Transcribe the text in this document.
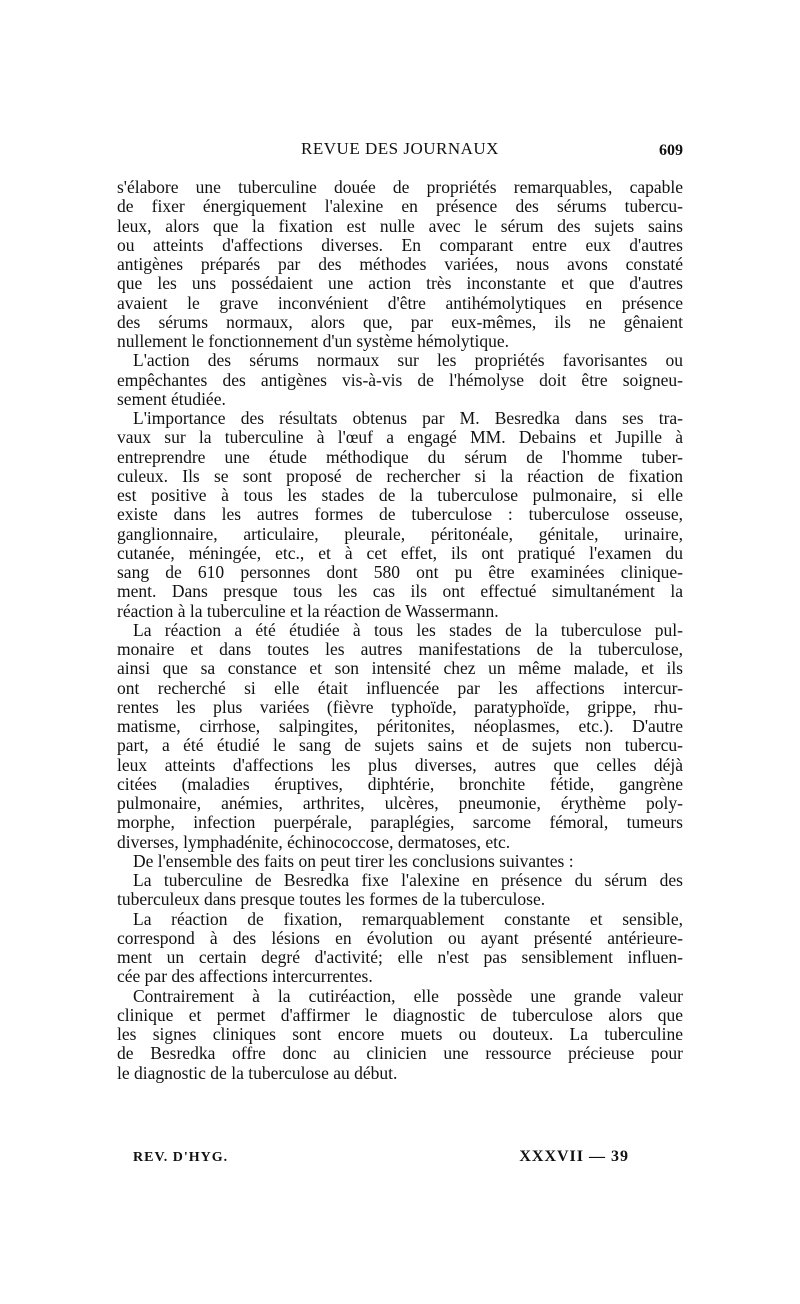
REVUE DES JOURNAUX	609
s'élabore une tuberculine douée de propriétés remarquables, capable
de fixer énergiquement l'alexine en présence des sérums tubercu-
leux, alors que la fixation est nulle avec le sérum des sujets sains
ou atteints d'affections diverses. En comparant entre eux d'autres
antigènes préparés par des méthodes variées, nous avons constaté
que les uns possédaient une action très inconstante et que d'autres
avaient le grave inconvénient d'être antihémolytiques en présence
des sérums normaux, alors que, par eux-mêmes, ils ne gênaient
nullement le fonctionnement d'un système hémolytique.
L'action des sérums normaux sur les propriétés favorisantes ou
empêchantes des antigènes vis-à-vis de l'hémolyse doit être soigneu-
sement étudiée.
L'importance des résultats obtenus par M. Besredka dans ses tra-
vaux sur la tuberculine à l'œuf a engagé MM. Debains et Jupille à
entreprendre une étude méthodique du sérum de l'homme tuber-
culeux. Ils se sont proposé de rechercher si la réaction de fixation
est positive à tous les stades de la tuberculose pulmonaire, si elle
existe dans les autres formes de tuberculose : tuberculose osseuse,
ganglionnaire, articulaire, pleurale, péritonéale, génitale, urinaire,
cutanée, méningée, etc., et à cet effet, ils ont pratiqué l'examen du
sang de 610 personnes dont 580 ont pu être examinées clinique-
ment. Dans presque tous les cas ils ont effectué simultanément la
réaction à la tuberculine et la réaction de Wassermann.
La réaction a été étudiée à tous les stades de la tuberculose pul-
monaire et dans toutes les autres manifestations de la tuberculose,
ainsi que sa constance et son intensité chez un même malade, et ils
ont recherché si elle était influencée par les affections intercur-
rentes les plus variées (fièvre typhoïde, paratyphoïde, grippe, rhu-
matisme, cirrhose, salpingites, péritonites, néoplasmes, etc.). D'autre
part, a été étudié le sang de sujets sains et de sujets non tubercu-
leux atteints d'affections les plus diverses, autres que celles déjà
citées (maladies éruptives, diphtérie, bronchite fétide, gangrène
pulmonaire, anémies, arthrites, ulcères, pneumonie, érythème poly-
morphe, infection puerpérale, paraplégies, sarcome fémoral, tumeurs
diverses, lymphadénite, échinococcose, dermatoses, etc.
De l'ensemble des faits on peut tirer les conclusions suivantes :
La tuberculine de Besredka fixe l'alexine en présence du sérum des
tuberculeux dans presque toutes les formes de la tuberculose.
La réaction de fixation, remarquablement constante et sensible,
correspond à des lésions en évolution ou ayant présenté antérieure-
ment un certain degré d'activité; elle n'est pas sensiblement influen-
cée par des affections intercurrentes.
Contrairement à la cutiréaction, elle possède une grande valeur
clinique et permet d'affirmer le diagnostic de tuberculose alors que
les signes cliniques sont encore muets ou douteux. La tuberculine
de Besredka offre donc au clinicien une ressource précieuse pour
le diagnostic de la tuberculose au début.
REV. D'HYG.	XXXVII — 39
